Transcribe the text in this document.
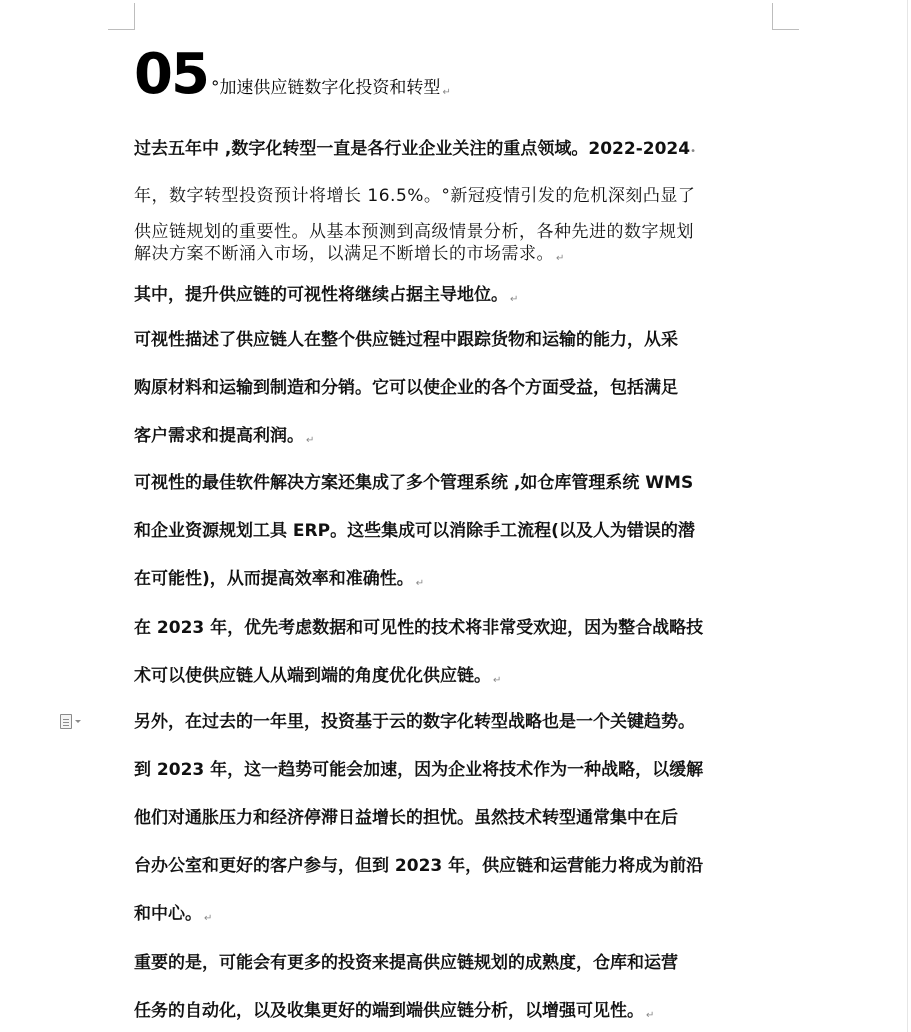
05 °加速供应链数字化投资和转型 ↵
过去五年中 ,数字化转型一直是各行业企业关注的重点领域。2022-2024•
年，数字转型投资预计将增长 16.5%。°新冠疫情引发的危机深刻凸显了
供应链规划的重要性。从基本预测到高级情景分析，各种先进的数字规划
解决方案不断涌入市场，以满足不断增长的市场需求。 ↵
其中，提升供应链的可视性将继续占据主导地位。 ↵
可视性描述了供应链人在整个供应链过程中跟踪货物和运输的能力，从采
购原材料和运输到制造和分销。它可以使企业的各个方面受益，包括满足
客户需求和提高利润。 ↵
可视性的最佳软件解决方案还集成了多个管理系统 ,如仓库管理系统 WMS
和企业资源规划工具 ERP。这些集成可以消除手工流程(以及人为错误的潜
在可能性)，从而提高效率和准确性。 ↵
在 2023 年，优先考虑数据和可见性的技术将非常受欢迎，因为整合战略技
术可以使供应链人从端到端的角度优化供应链。 ↵
另外，在过去的一年里，投资基于云的数字化转型战略也是一个关键趋势。
到 2023 年，这一趋势可能会加速，因为企业将技术作为一种战略，以缓解
他们对通胀压力和经济停滞日益增长的担忧。虽然技术转型通常集中在后
台办公室和更好的客户参与，但到 2023 年，供应链和运营能力将成为前沿
和中心。 ↵
重要的是，可能会有更多的投资来提高供应链规划的成熟度，仓库和运营
任务的自动化，以及收集更好的端到端供应链分析，以增强可见性。 ↵
